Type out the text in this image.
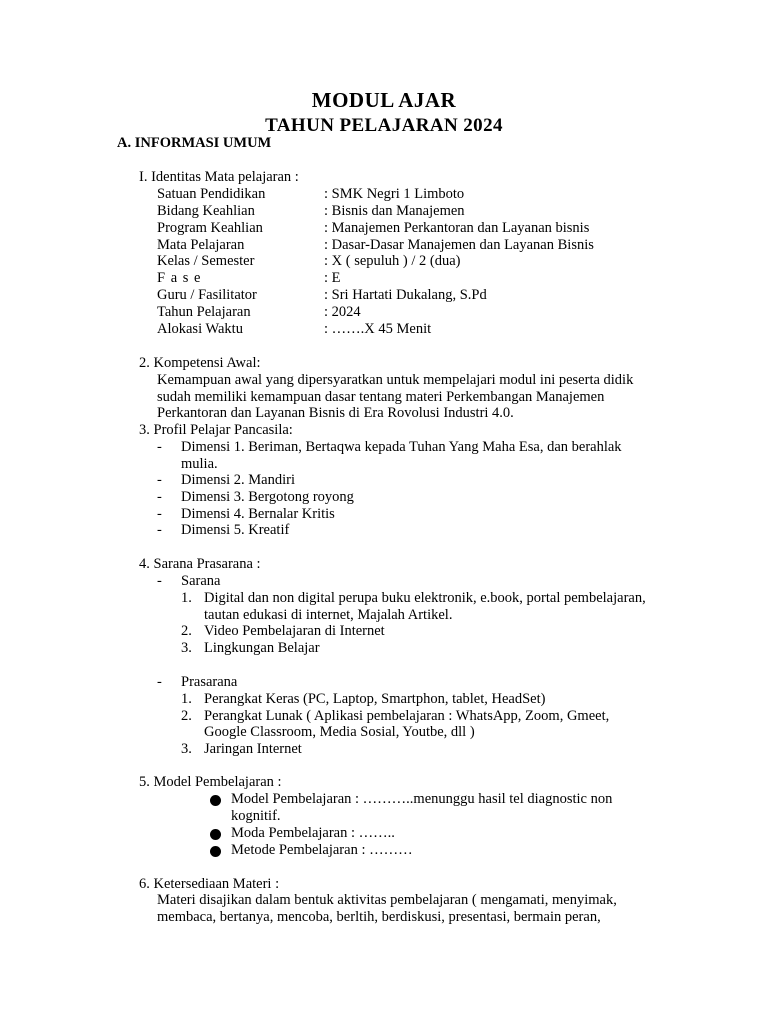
MODUL AJAR
TAHUN PELAJARAN 2024
A. INFORMASI UMUM
I. Identitas Mata pelajaran :
Satuan Pendidikan	: SMK Negri 1 Limboto
Bidang Keahlian	: Bisnis dan Manajemen
Program Keahlian	: Manajemen Perkantoran dan Layanan bisnis
Mata Pelajaran	: Dasar-Dasar Manajemen dan Layanan Bisnis
Kelas / Semester	: X ( sepuluh ) / 2 (dua)
F a s e	: E
Guru / Fasilitator	: Sri Hartati Dukalang, S.Pd
Tahun Pelajaran	: 2024
Alokasi Waktu	: …….X 45 Menit
2. Kompetensi Awal:
Kemampuan awal yang dipersyaratkan untuk mempelajari modul ini peserta didik
sudah memiliki kemampuan dasar tentang materi Perkembangan Manajemen
Perkantoran dan Layanan Bisnis di Era Rovolusi Industri 4.0.
3. Profil Pelajar Pancasila:
- Dimensi 1. Beriman, Bertaqwa kepada Tuhan Yang Maha Esa, dan berahlak
mulia.
- Dimensi 2. Mandiri
- Dimensi 3. Bergotong royong
- Dimensi 4. Bernalar Kritis
- Dimensi 5. Kreatif
4. Sarana Prasarana :
- Sarana
1. Digital dan non digital perupa buku elektronik, e.book, portal pembelajaran,
tautan edukasi di internet, Majalah Artikel.
2. Video Pembelajaran di Internet
3. Lingkungan Belajar
- Prasarana
1. Perangkat Keras (PC, Laptop, Smartphon, tablet, HeadSet)
2. Perangkat Lunak ( Aplikasi pembelajaran : WhatsApp, Zoom, Gmeet,
Google Classroom, Media Sosial, Youtbe, dll )
3. Jaringan Internet
5. Model Pembelajaran :
Model Pembelajaran : ………..menunggu hasil tel diagnostic non
kognitif.
Moda Pembelajaran : ……..
Metode Pembelajaran : ………
6. Ketersediaan Materi :
Materi disajikan dalam bentuk aktivitas pembelajaran ( mengamati, menyimak,
membaca, bertanya, mencoba, berltih, berdiskusi, presentasi, bermain peran,
